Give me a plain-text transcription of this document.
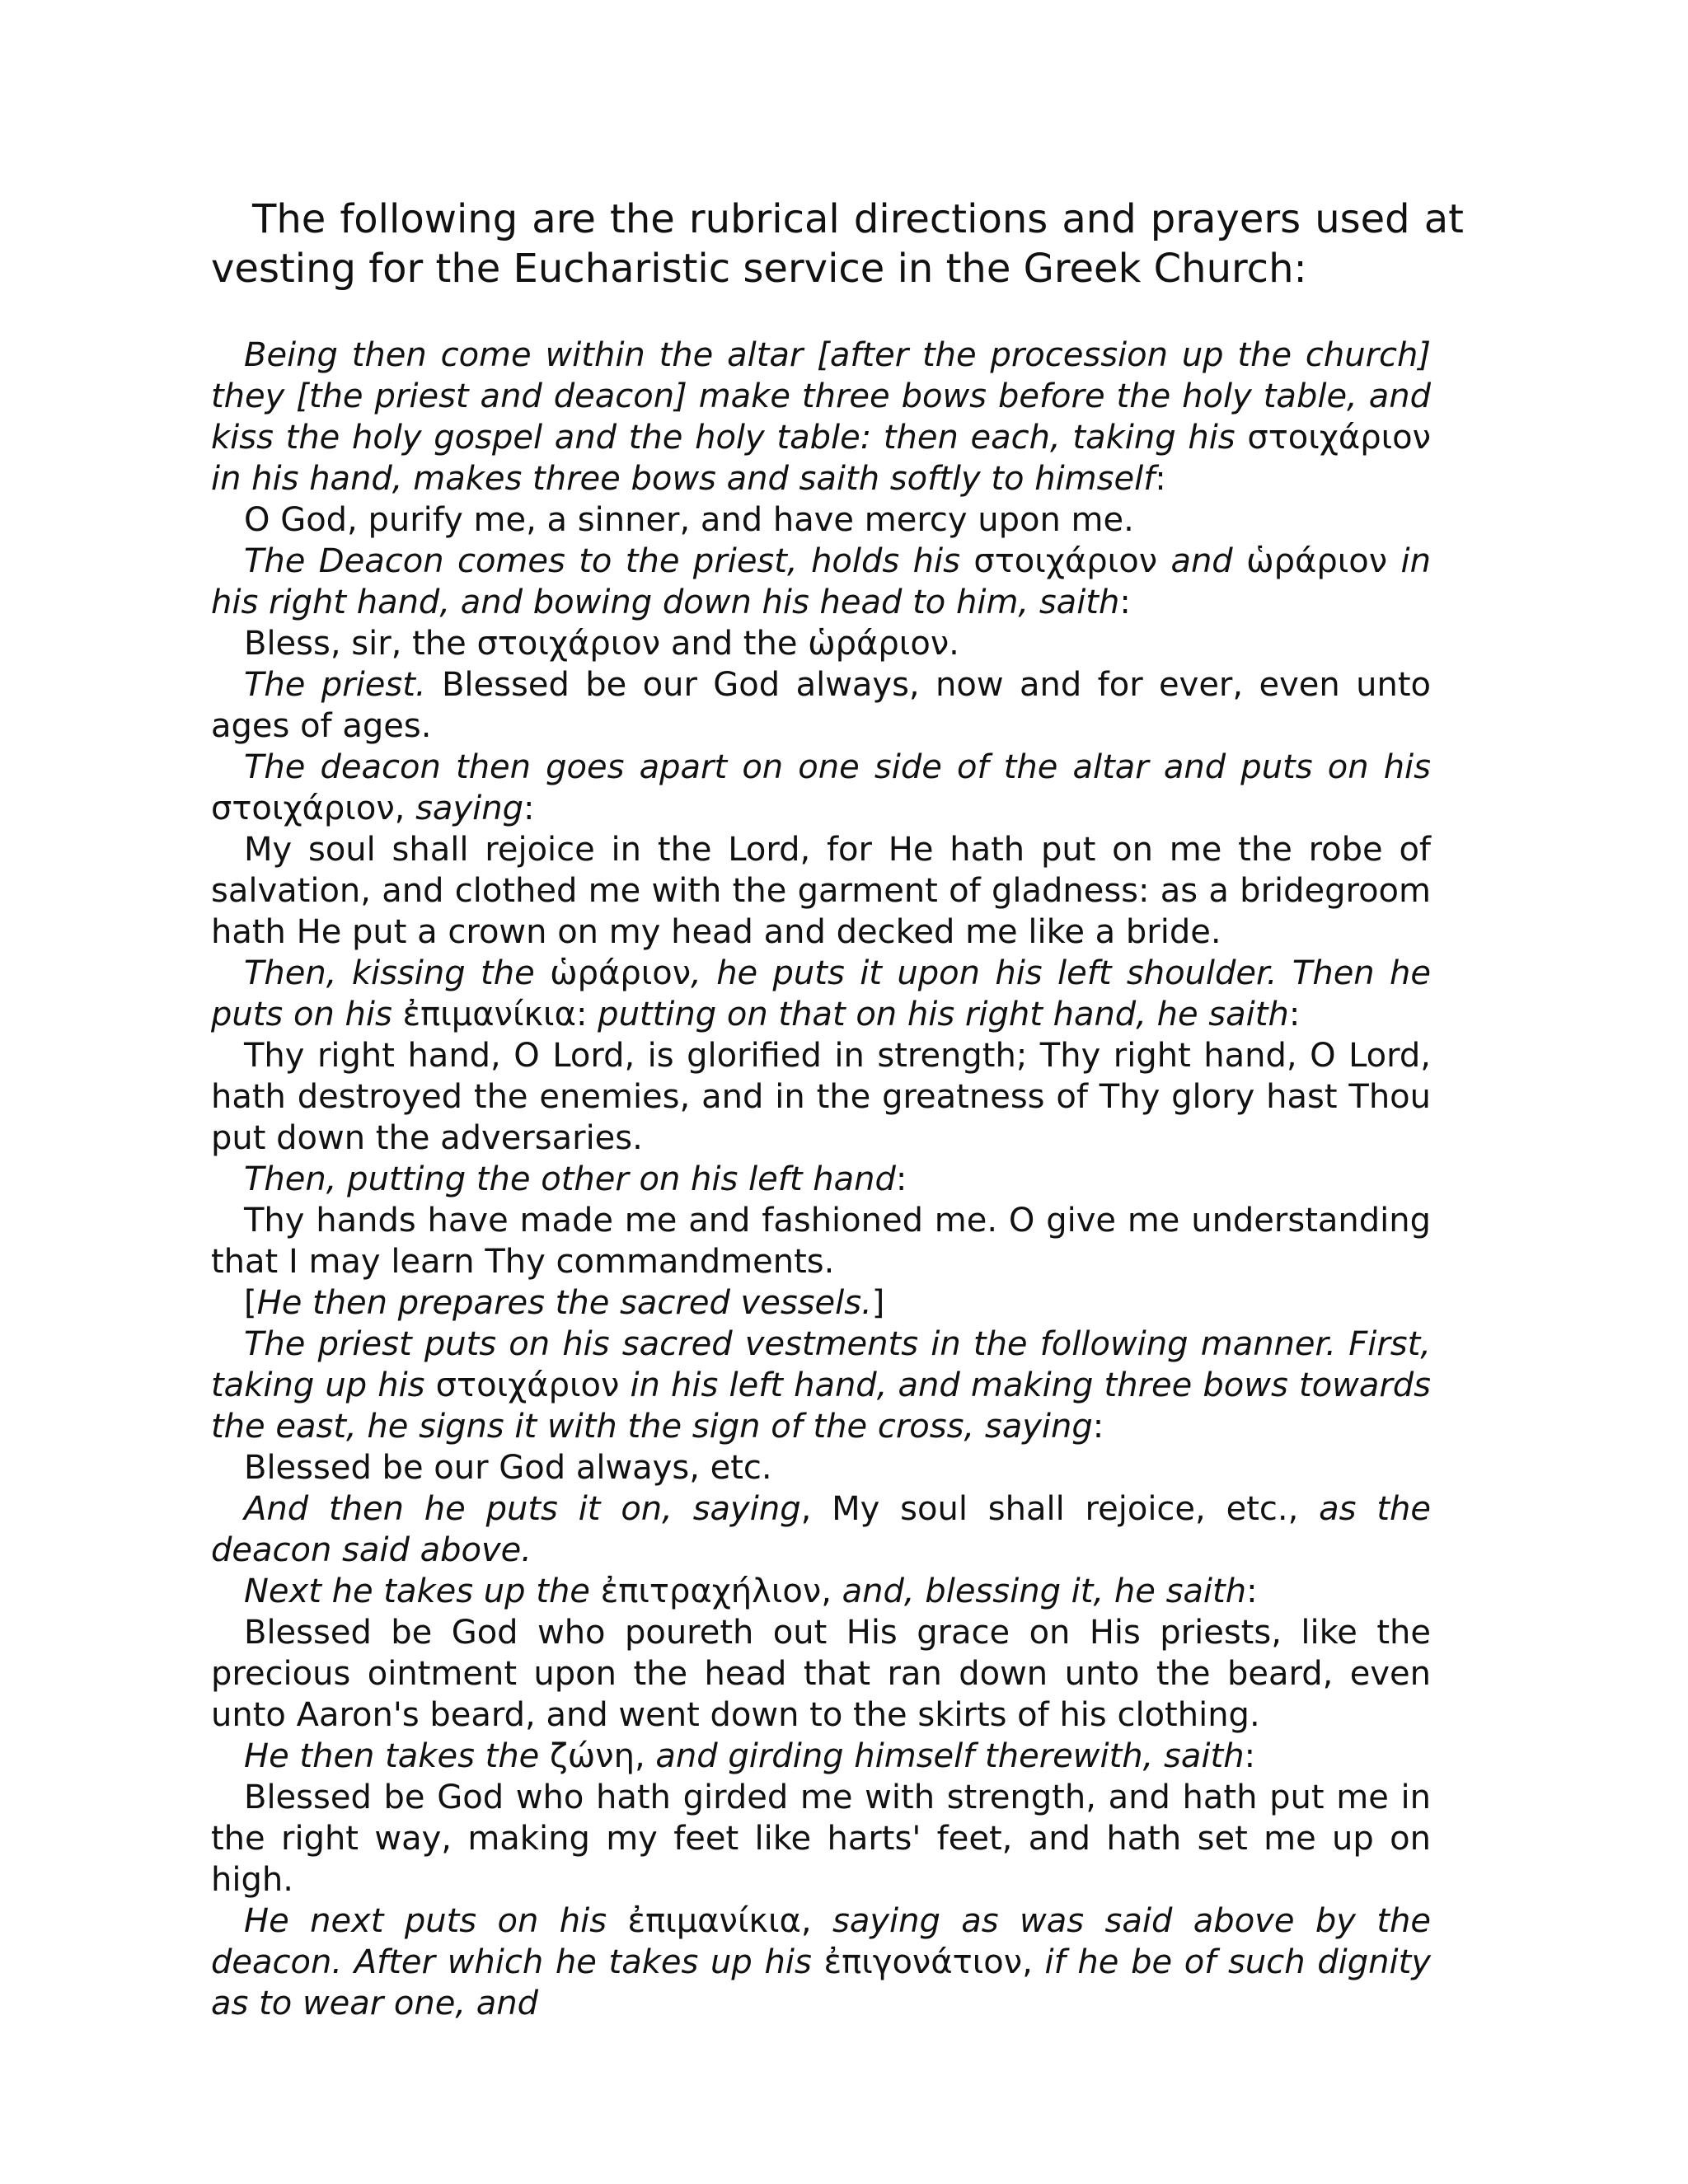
The following are the rubrical directions and prayers used at vesting for the Eucharistic service in the Greek Church:

Being then come within the altar [after the procession up the church] they [the priest and deacon] make three bows before the holy table, and kiss the holy gospel and the holy table: then each, taking his στοιχάριον in his hand, makes three bows and saith softly to himself:

O God, purify me, a sinner, and have mercy upon me.

The Deacon comes to the priest, holds his στοιχάριον and ὡράριον in his right hand, and bowing down his head to him, saith:

Bless, sir, the στοιχάριον and the ὡράριον.

The priest. Blessed be our God always, now and for ever, even unto ages of ages.

The deacon then goes apart on one side of the altar and puts on his στοιχάριον, saying:

My soul shall rejoice in the Lord, for He hath put on me the robe of salvation, and clothed me with the garment of gladness: as a bridegroom hath He put a crown on my head and decked me like a bride.

Then, kissing the ὡράριον, he puts it upon his left shoulder. Then he puts on his ἐπιμανίκια: putting on that on his right hand, he saith:

Thy right hand, O Lord, is glorified in strength; Thy right hand, O Lord, hath destroyed the enemies, and in the greatness of Thy glory hast Thou put down the adversaries.

Then, putting the other on his left hand:

Thy hands have made me and fashioned me. O give me understanding that I may learn Thy commandments.

[He then prepares the sacred vessels.]

The priest puts on his sacred vestments in the following manner. First, taking up his στοιχάριον in his left hand, and making three bows towards the east, he signs it with the sign of the cross, saying:

Blessed be our God always, etc.

And then he puts it on, saying, My soul shall rejoice, etc., as the deacon said above.

Next he takes up the ἐπιτραχήλιον, and, blessing it, he saith:

Blessed be God who poureth out His grace on His priests, like the precious ointment upon the head that ran down unto the beard, even unto Aaron's beard, and went down to the skirts of his clothing.

He then takes the ζώνη, and girding himself therewith, saith:

Blessed be God who hath girded me with strength, and hath put me in the right way, making my feet like harts' feet, and hath set me up on high.

He next puts on his ἐπιμανίκια, saying as was said above by the deacon. After which he takes up his ἐπιγονάτιον, if he be of such dignity as to wear one, and
